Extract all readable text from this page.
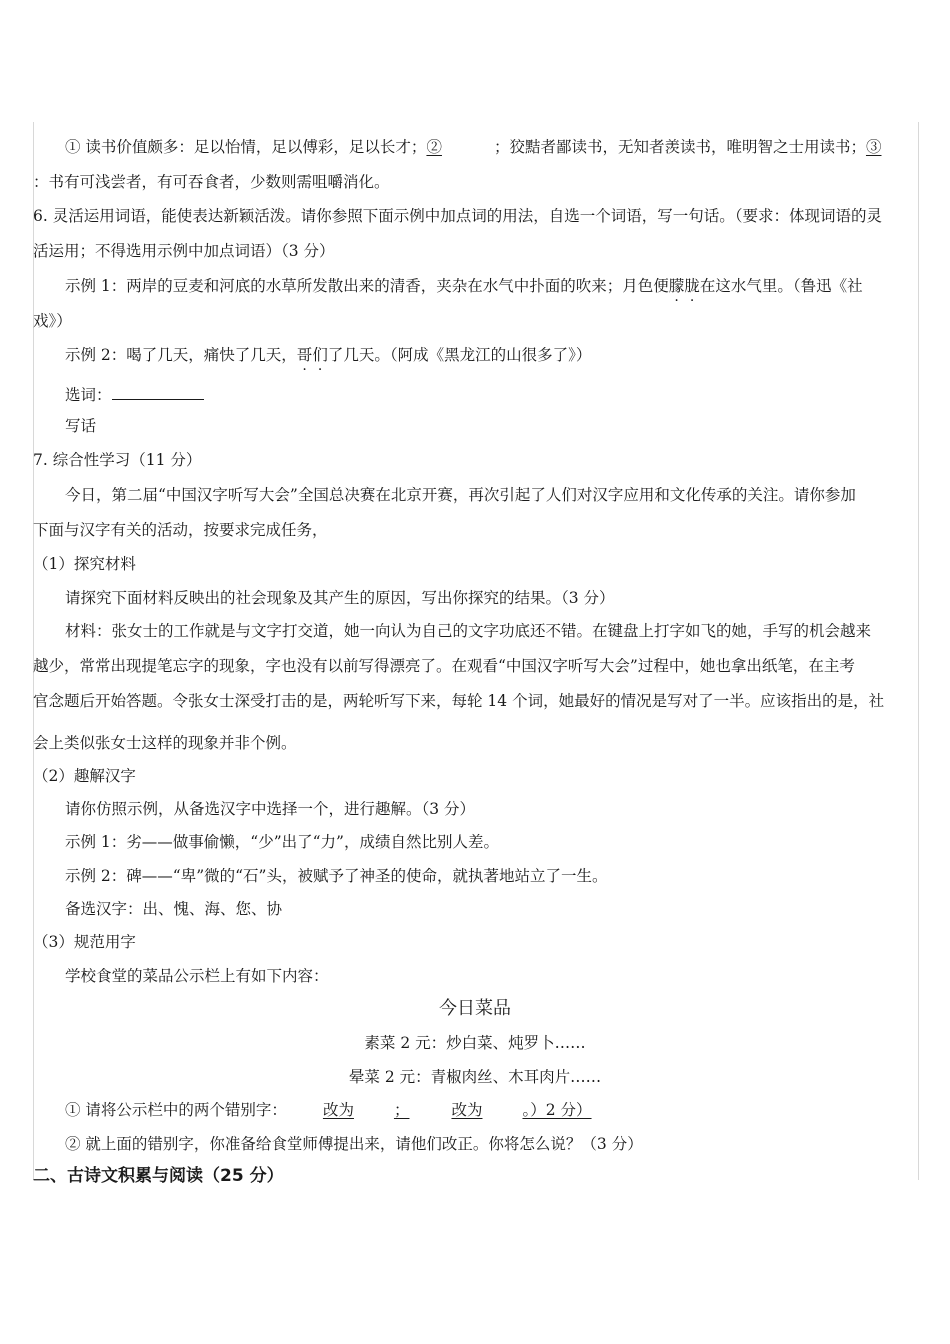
① 读书价值颇多：足以怡情，足以傅彩，足以长才；②	；狡黠者鄙读书，无知者羡读书，唯明智之士用读书；③
：书有可浅尝者，有可吞食者，少数则需咀嚼消化。
6. 灵活运用词语，能使表达新颖活泼。请你参照下面示例中加点词的用法，自选一个词语，写一句话。（要求：体现词语的灵
活运用；不得选用示例中加点词语）（3 分）
示例 1：两岸的豆麦和河底的水草所发散出来的清香，夹杂在水气中扑面的吹来；月色便朦胧在这水气里。（鲁迅《社
戏》）
示例 2：喝了几天，痛快了几天，哥们了几天。（阿成《黑龙江的山很多了》）
选词：
写话
7. 综合性学习（11 分）
今日，第二届“中国汉字听写大会”全国总决赛在北京开赛，再次引起了人们对汉字应用和文化传承的关注。请你参加
下面与汉字有关的活动，按要求完成任务，
（1）探究材料
请探究下面材料反映出的社会现象及其产生的原因，写出你探究的结果。（3 分）
材料：张女士的工作就是与文字打交道，她一向认为自己的文字功底还不错。在键盘上打字如飞的她，手写的机会越来
越少，常常出现提笔忘字的现象，字也没有以前写得漂亮了。在观看“中国汉字听写大会”过程中，她也拿出纸笔，在主考
官念题后开始答题。令张女士深受打击的是，两轮听写下来，每轮 14 个词，她最好的情况是写对了一半。应该指出的是，社
会上类似张女士这样的现象并非个例。
（2）趣解汉字
请你仿照示例，从备选汉字中选择一个，进行趣解。（3 分）
示例 1：劣——做事偷懒，“少”出了“力”，成绩自然比别人差。
示例 2：碑——“卑”微的“石”头，被赋予了神圣的使命，就执著地站立了一生。
备选汉字：出、愧、海、您、协
（3）规范用字
学校食堂的菜品公示栏上有如下内容：
今日菜品
素菜 2 元：炒白菜、炖罗卜……
晕菜 2 元：青椒肉丝、木耳肉片……
① 请将公示栏中的两个错别字： 改为	；	改为	。）2 分）
② 就上面的错别字，你准备给食堂师傅提出来，请他们改正。你将怎么说？（3 分）
二、古诗文积累与阅读（25 分）
